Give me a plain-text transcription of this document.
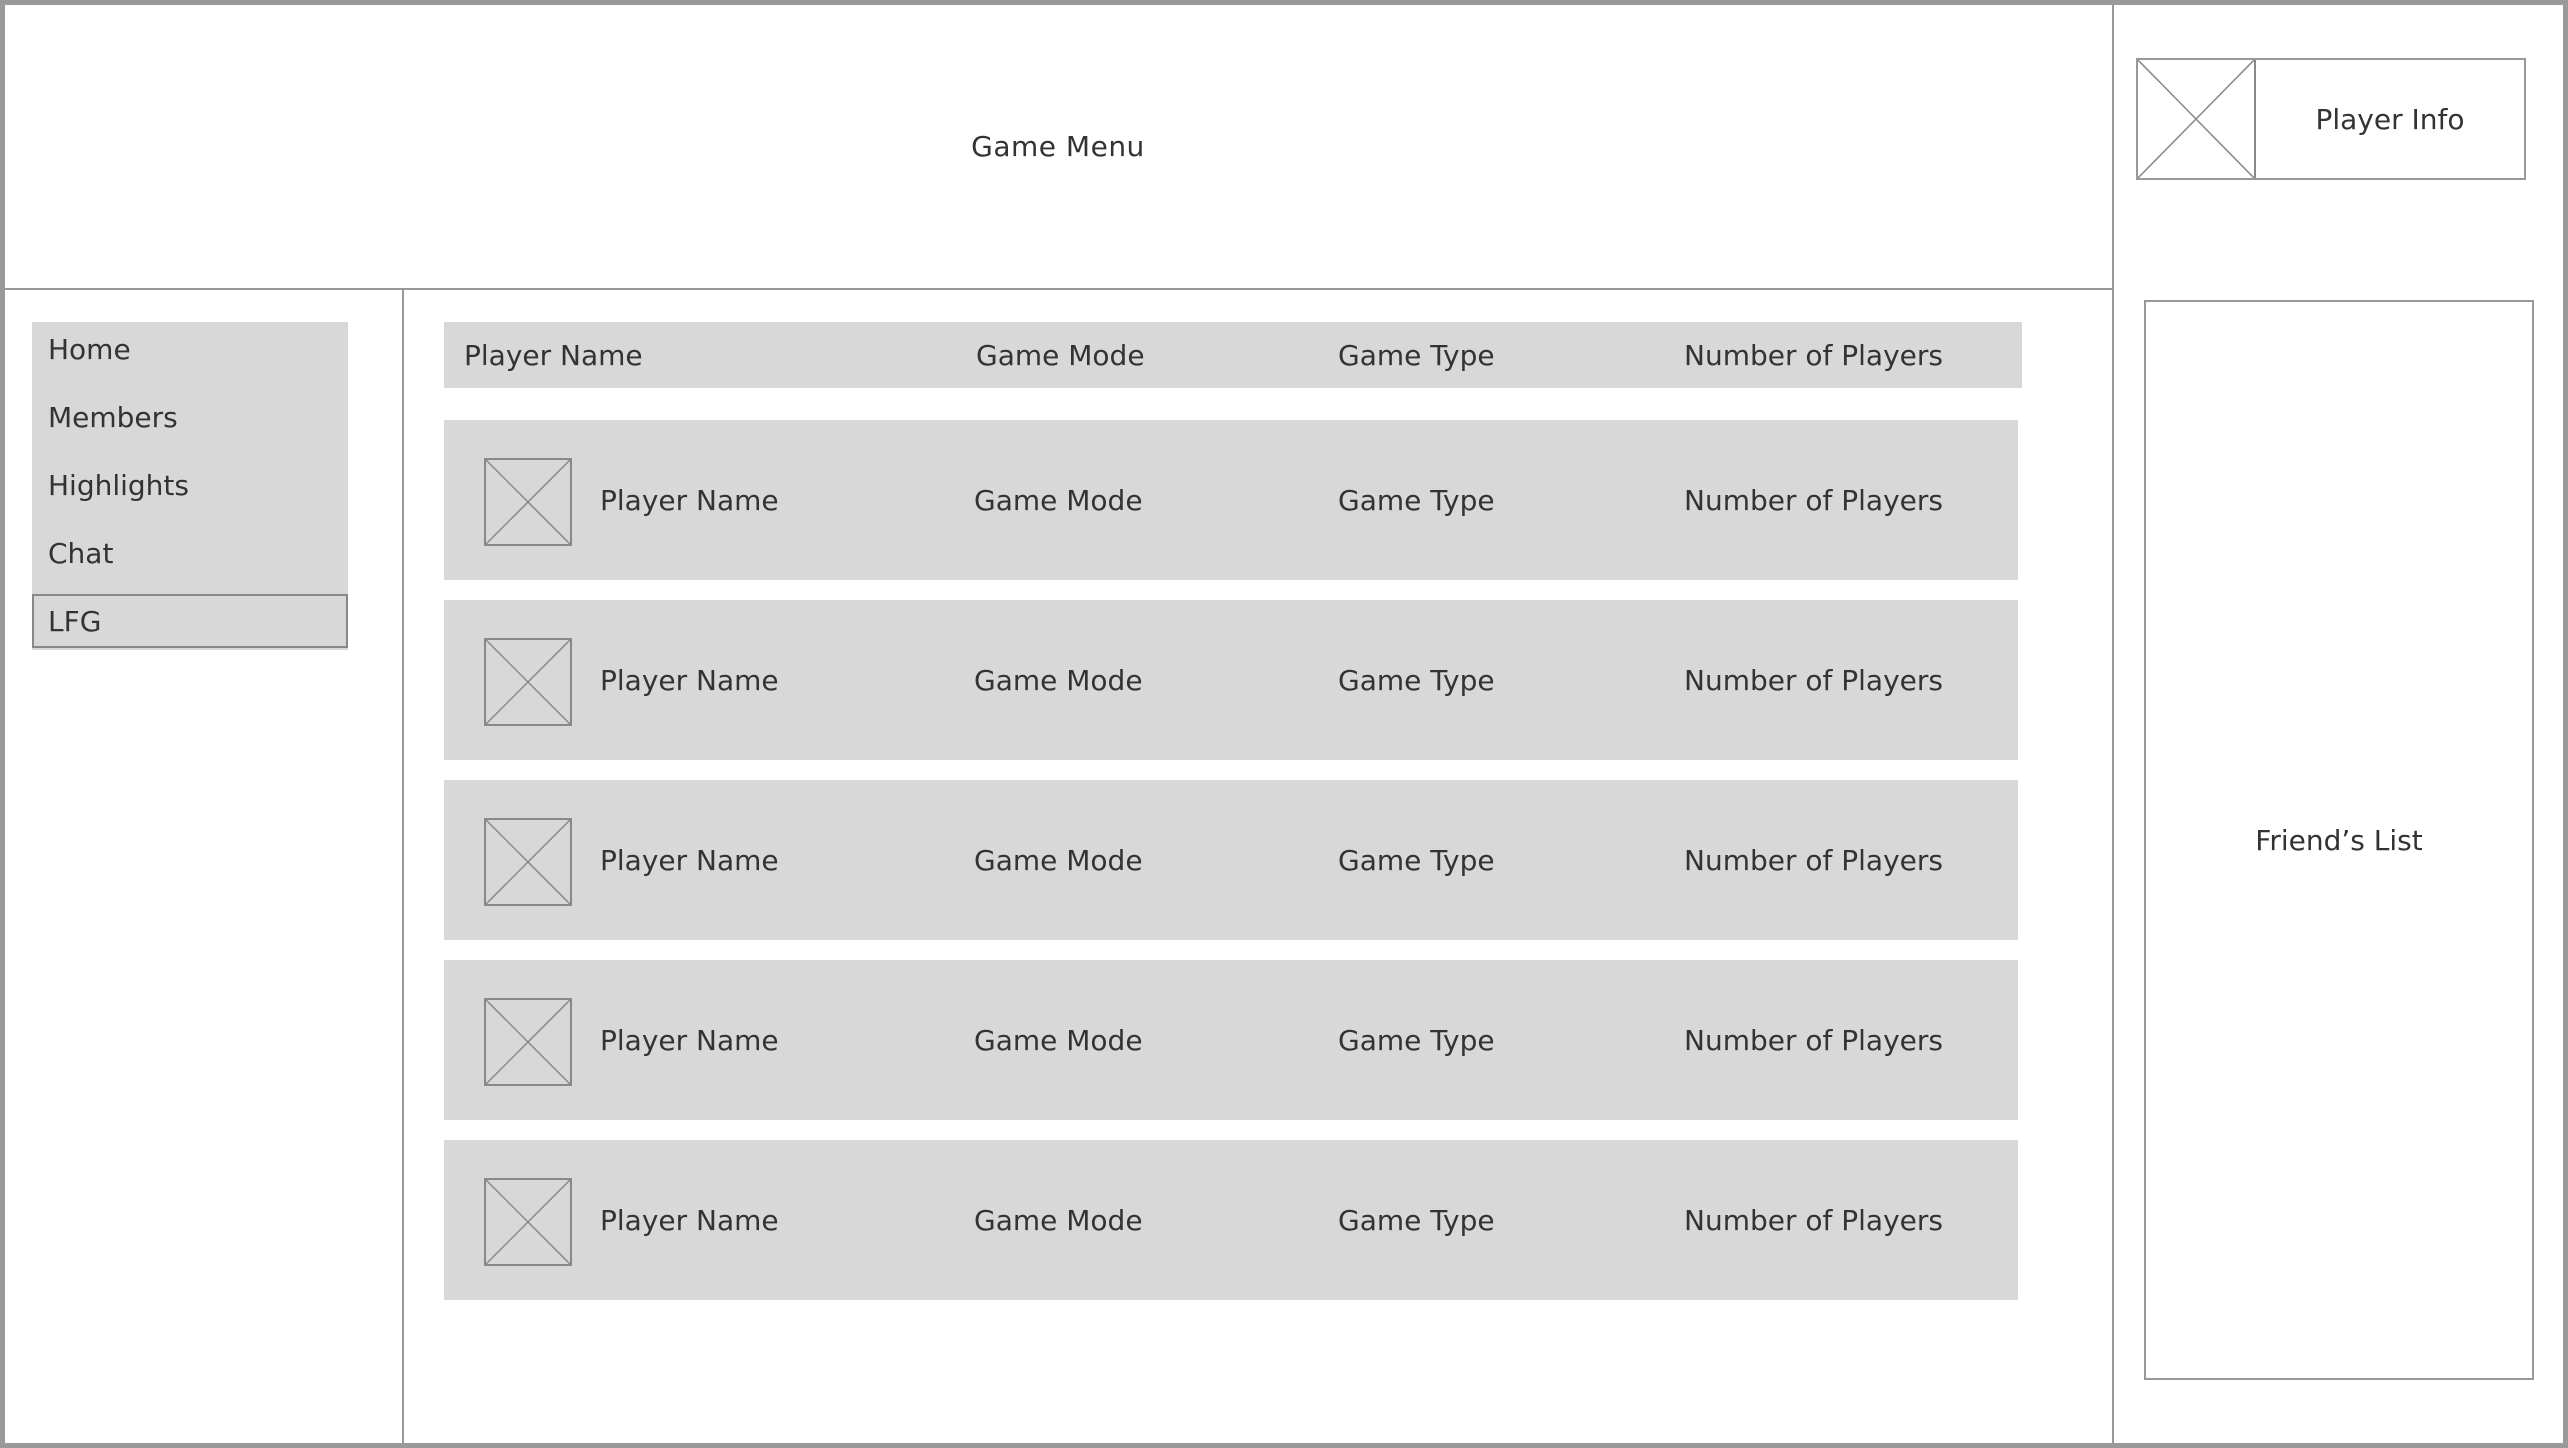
Game Menu
Home
Members
Highlights
Chat
LFG
Player Name	Game Mode	Game Type	Number of Players
Player Name	Game Mode	Game Type	Number of Players
Player Name	Game Mode	Game Type	Number of Players
Player Name	Game Mode	Game Type	Number of Players
Player Name	Game Mode	Game Type	Number of Players
Player Name	Game Mode	Game Type	Number of Players
Player Info
Friend’s List
